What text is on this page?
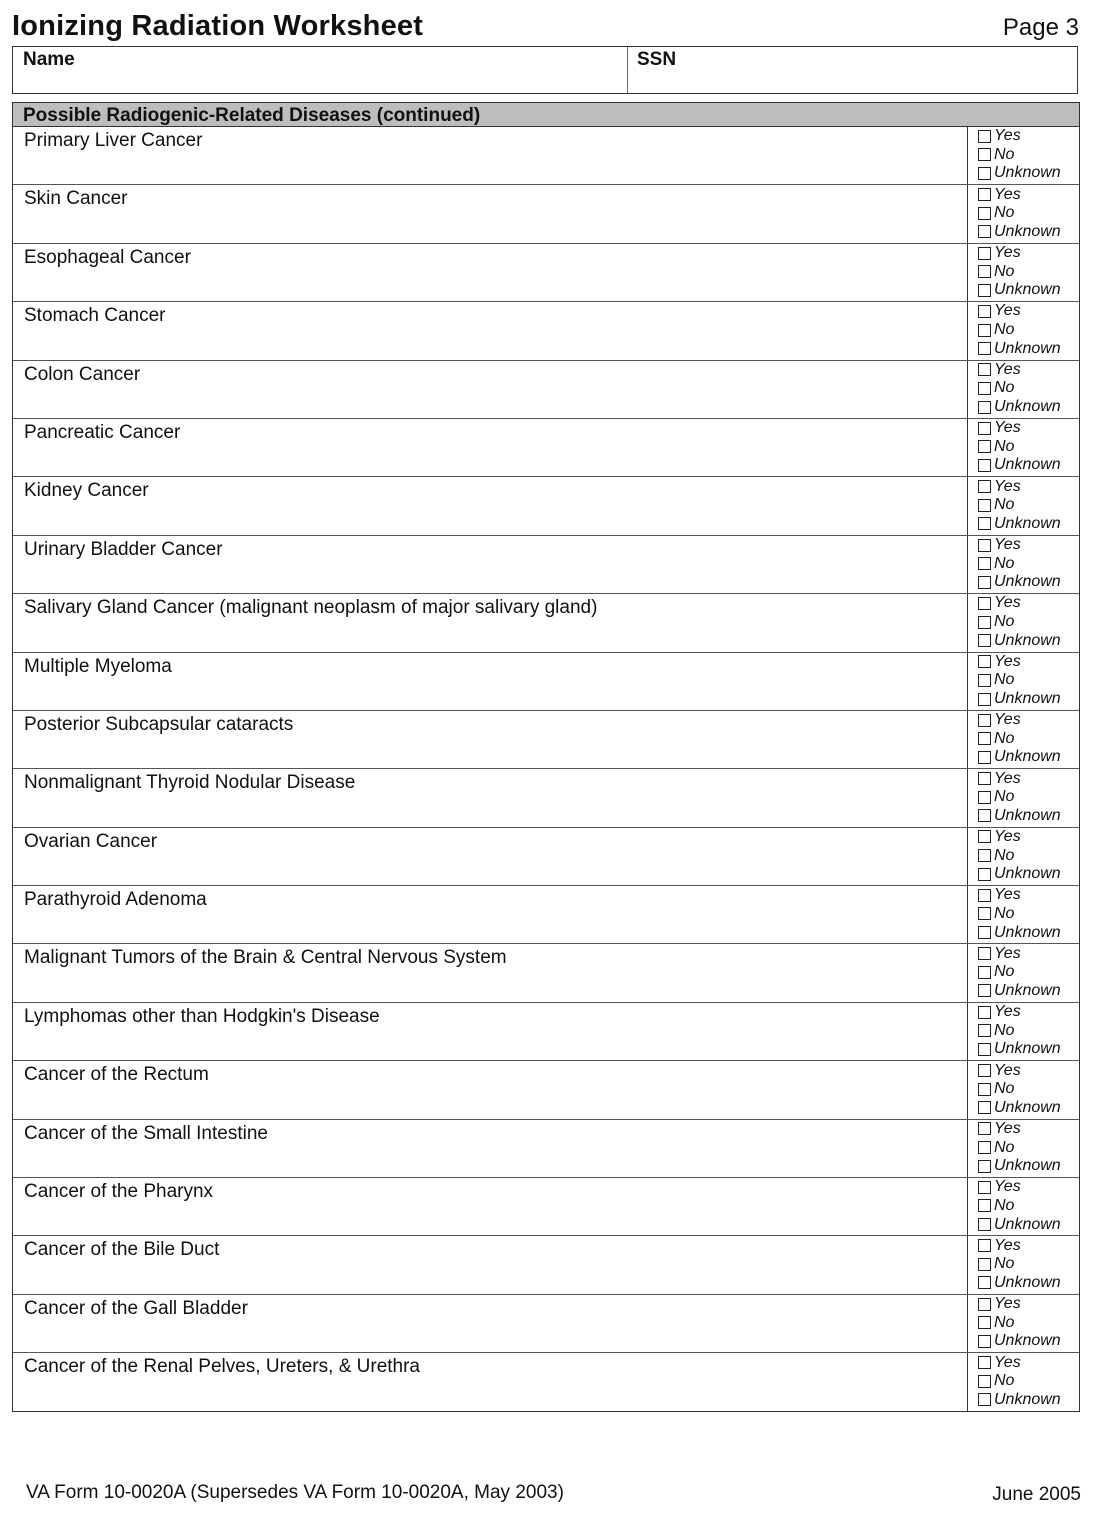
Ionizing Radiation Worksheet	Page 3
Name	SSN
Possible Radiogenic-Related Diseases (continued)
Primary Liver Cancer	Yes
No
Unknown
Skin Cancer	Yes
No
Unknown
Esophageal Cancer	Yes
No
Unknown
Stomach Cancer	Yes
No
Unknown
Colon Cancer	Yes
No
Unknown
Pancreatic Cancer	Yes
No
Unknown
Kidney Cancer	Yes
No
Unknown
Urinary Bladder Cancer	Yes
No
Unknown
Salivary Gland Cancer (malignant neoplasm of major salivary gland)	Yes
No
Unknown
Multiple Myeloma	Yes
No
Unknown
Posterior Subcapsular cataracts	Yes
No
Unknown
Nonmalignant Thyroid Nodular Disease	Yes
No
Unknown
Ovarian Cancer	Yes
No
Unknown
Parathyroid Adenoma	Yes
No
Unknown
Malignant Tumors of the Brain & Central Nervous System	Yes
No
Unknown
Lymphomas other than Hodgkin's Disease	Yes
No
Unknown
Cancer of the Rectum	Yes
No
Unknown
Cancer of the Small Intestine	Yes
No
Unknown
Cancer of the Pharynx	Yes
No
Unknown
Cancer of the Bile Duct	Yes
No
Unknown
Cancer of the Gall Bladder	Yes
No
Unknown
Cancer of the Renal Pelves, Ureters, & Urethra	Yes
No
Unknown
VA Form 10-0020A (Supersedes VA Form 10-0020A, May 2003)	June 2005
